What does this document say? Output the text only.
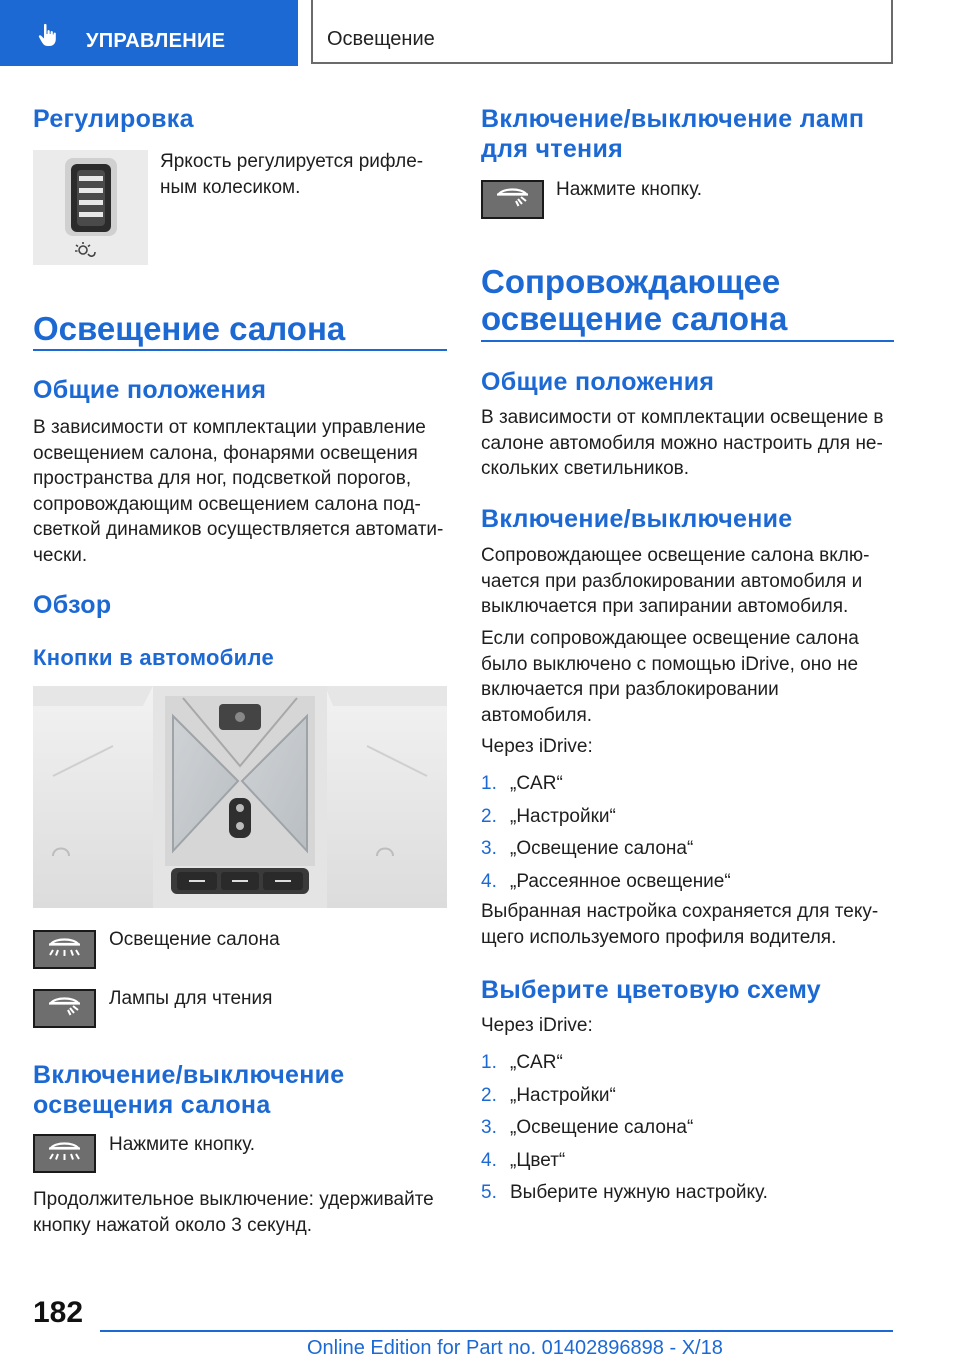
УПРАВЛЕНИЕ	Освещение
Регулировка

Яркость регулируется рифле-

ным колесиком.

Освещение салона
Общие положения

В зависимости от комплектации управление

освещением салона, фонарями освещения

пространства для ног, подсветкой порогов,

сопровождающим освещением салона под-

светкой динамиков осуществляется автомати-

чески.

Обзор
Кнопки в автомобиле

Освещение салона

Лампы для чтения

Включение/выключение
освещения салона

Нажмите кнопку.

Продолжительное выключение: удерживайте

кнопку нажатой около 3 секунд.

Включение/выключение ламп
для чтения

Нажмите кнопку.

Сопровождающее
освещение салона
Общие положения

В зависимости от комплектации освещение в

салоне автомобиля можно настроить для не-

скольких светильников.

Включение/выключение

Сопровождающее освещение салона вклю-

чается при разблокировании автомобиля и

выключается при запирании автомобиля.

Если сопровождающее освещение салона

было выключено с помощью iDrive, оно не

включается при разблокировании

автомобиля.

Через iDrive:

1. „CAR“
2. „Настройки“
3. „Освещение салона“
4. „Рассеянное освещение“

Выбранная настройка сохраняется для теку-

щего используемого профиля водителя.

Выберите цветовую схему

Через iDrive:

1. „CAR“
2. „Настройки“
3. „Освещение салона“
4. „Цвет“
5. Выберите нужную настройку.
182
Online Edition for Part no. 01402896898 - X/18
